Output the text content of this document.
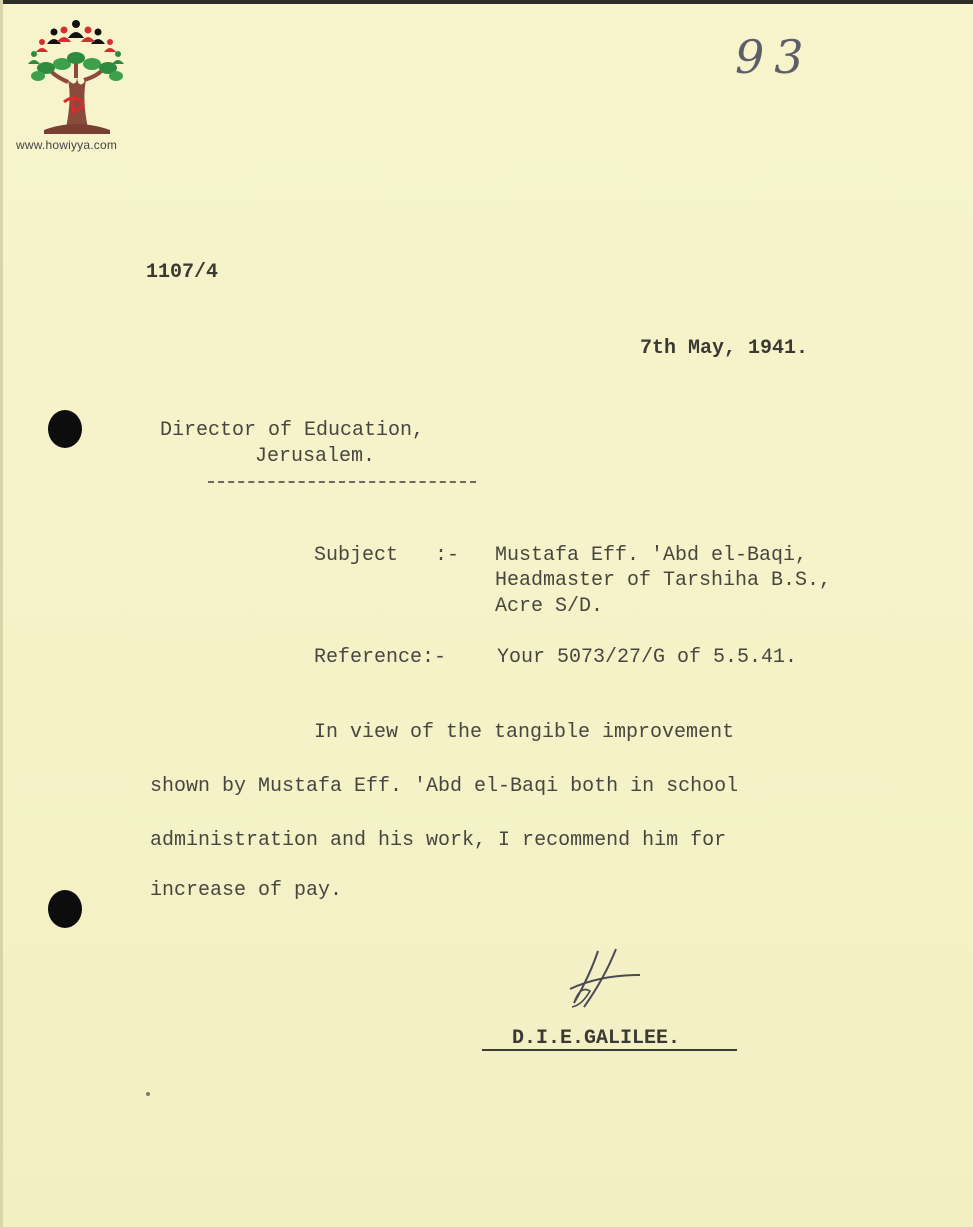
www.howiyya.com
93
1107/4
7th May, 1941.
Director of Education,
Jerusalem.
Subject :- Mustafa Eff. 'Abd el-Baqi,
Headmaster of Tarshiha B.S.,
Acre S/D.
Reference:-	Your 5073/27/G of 5.5.41.
In view of the tangible improvement
shown by Mustafa Eff. 'Abd el-Baqi both in school
administration and his work, I recommend him for
increase of pay.
D.I.E.GALILEE.
